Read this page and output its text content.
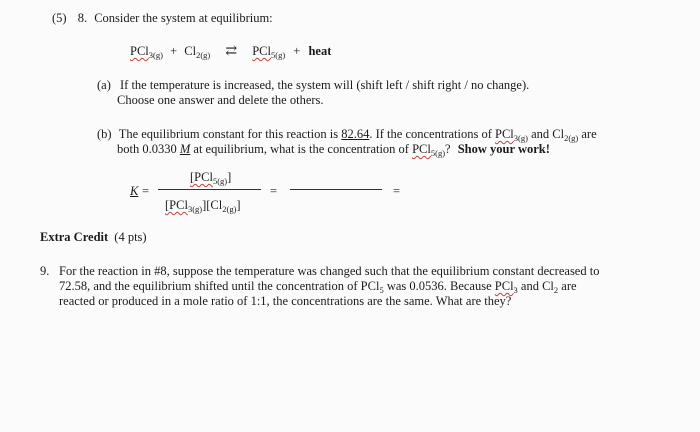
(5) 8. Consider the system at equilibrium:
$PCl_{3(g)} + Cl_{2(g)}$ ⇄ PCl$_{5(g)}$ + heat
(a) If the temperature is increased, the system will (shift left / shift right / no change).
Choose one answer and delete the others.
(b) The equilibrium constant for this reaction is 82.64. If the concentrations of PCl$_{3(g)}$ and $Cl_{2(g)}$ are
both 0.0330 M at equilibrium, what is the concentration of PCl$_{5(g)}$? Show your work!
K =
[PCl$_{5(g)}$]
$[PCl_{3(g)}][Cl_{2(g)}]$
=	=
Extra Credit (4 pts)
9. For the reaction in #8, suppose the temperature was changed such that the equilibrium constant decreased to
72.58, and the equilibrium shifted until the concentration of PCl$_5$ was 0.0536. Because PCl$_3$ and $Cl_2$ are
reacted or produced in a mole ratio of 1:1, the concentrations are the same. What are they?
